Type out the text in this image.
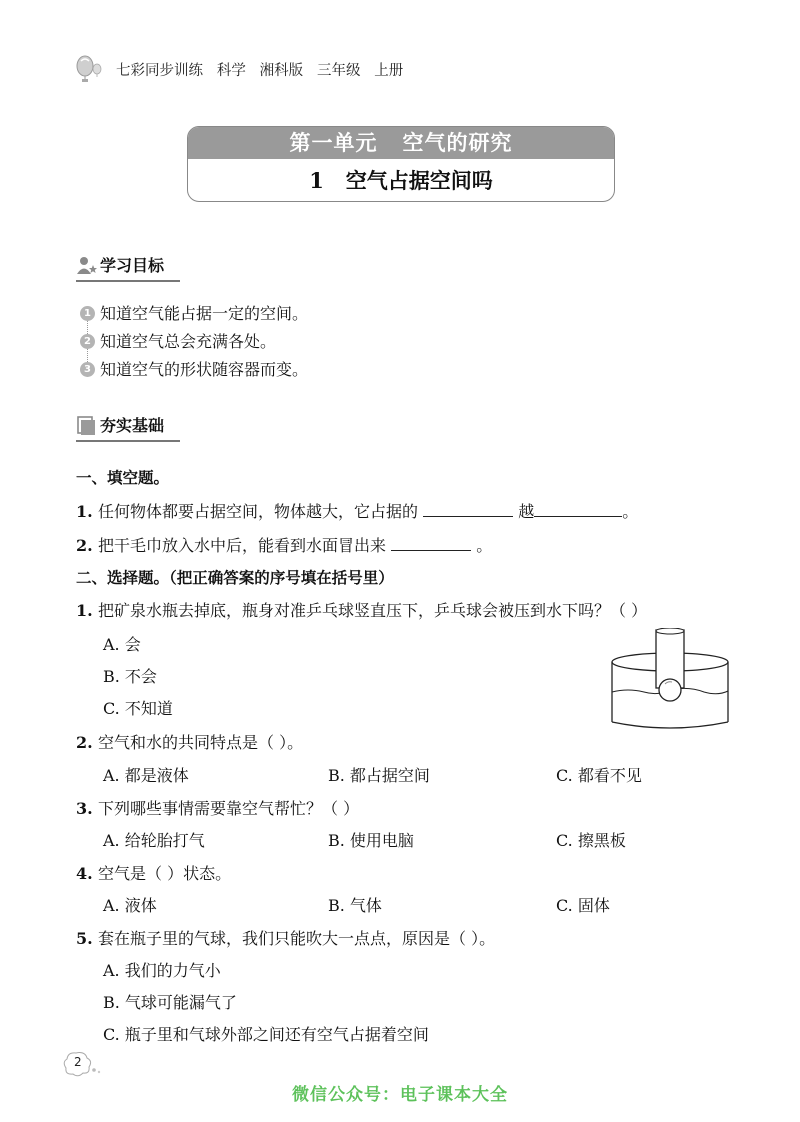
七彩同步训练   科学   湘科版   三年级   上册
第一单元   空气的研究
1   空气占据空间吗
学习目标
1 知道空气能占据一定的空间。
2 知道空气总会充满各处。
3 知道空气的形状随容器而变。
夯实基础
一、填空题。
1. 任何物体都要占据空间，物体越大，它占据的	越	。
2. 把干毛巾放入水中后，能看到水面冒出来	。
二、选择题。（把正确答案的序号填在括号里）
1. 把矿泉水瓶去掉底，瓶身对准乒乓球竖直压下，乒乓球会被压到水下吗？（ ）
A. 会
B. 不会
C. 不知道
2. 空气和水的共同特点是（ ）。
A. 都是液体	B. 都占据空间	C. 都看不见
3. 下列哪些事情需要靠空气帮忙？（ ）
A. 给轮胎打气	B. 使用电脑	C. 擦黑板
4. 空气是（ ）状态。
A. 液体	B. 气体	C. 固体
5. 套在瓶子里的气球，我们只能吹大一点点，原因是（ ）。
A. 我们的力气小
B. 气球可能漏气了
C. 瓶子里和气球外部之间还有空气占据着空间
2
微信公众号：电子课本大全
